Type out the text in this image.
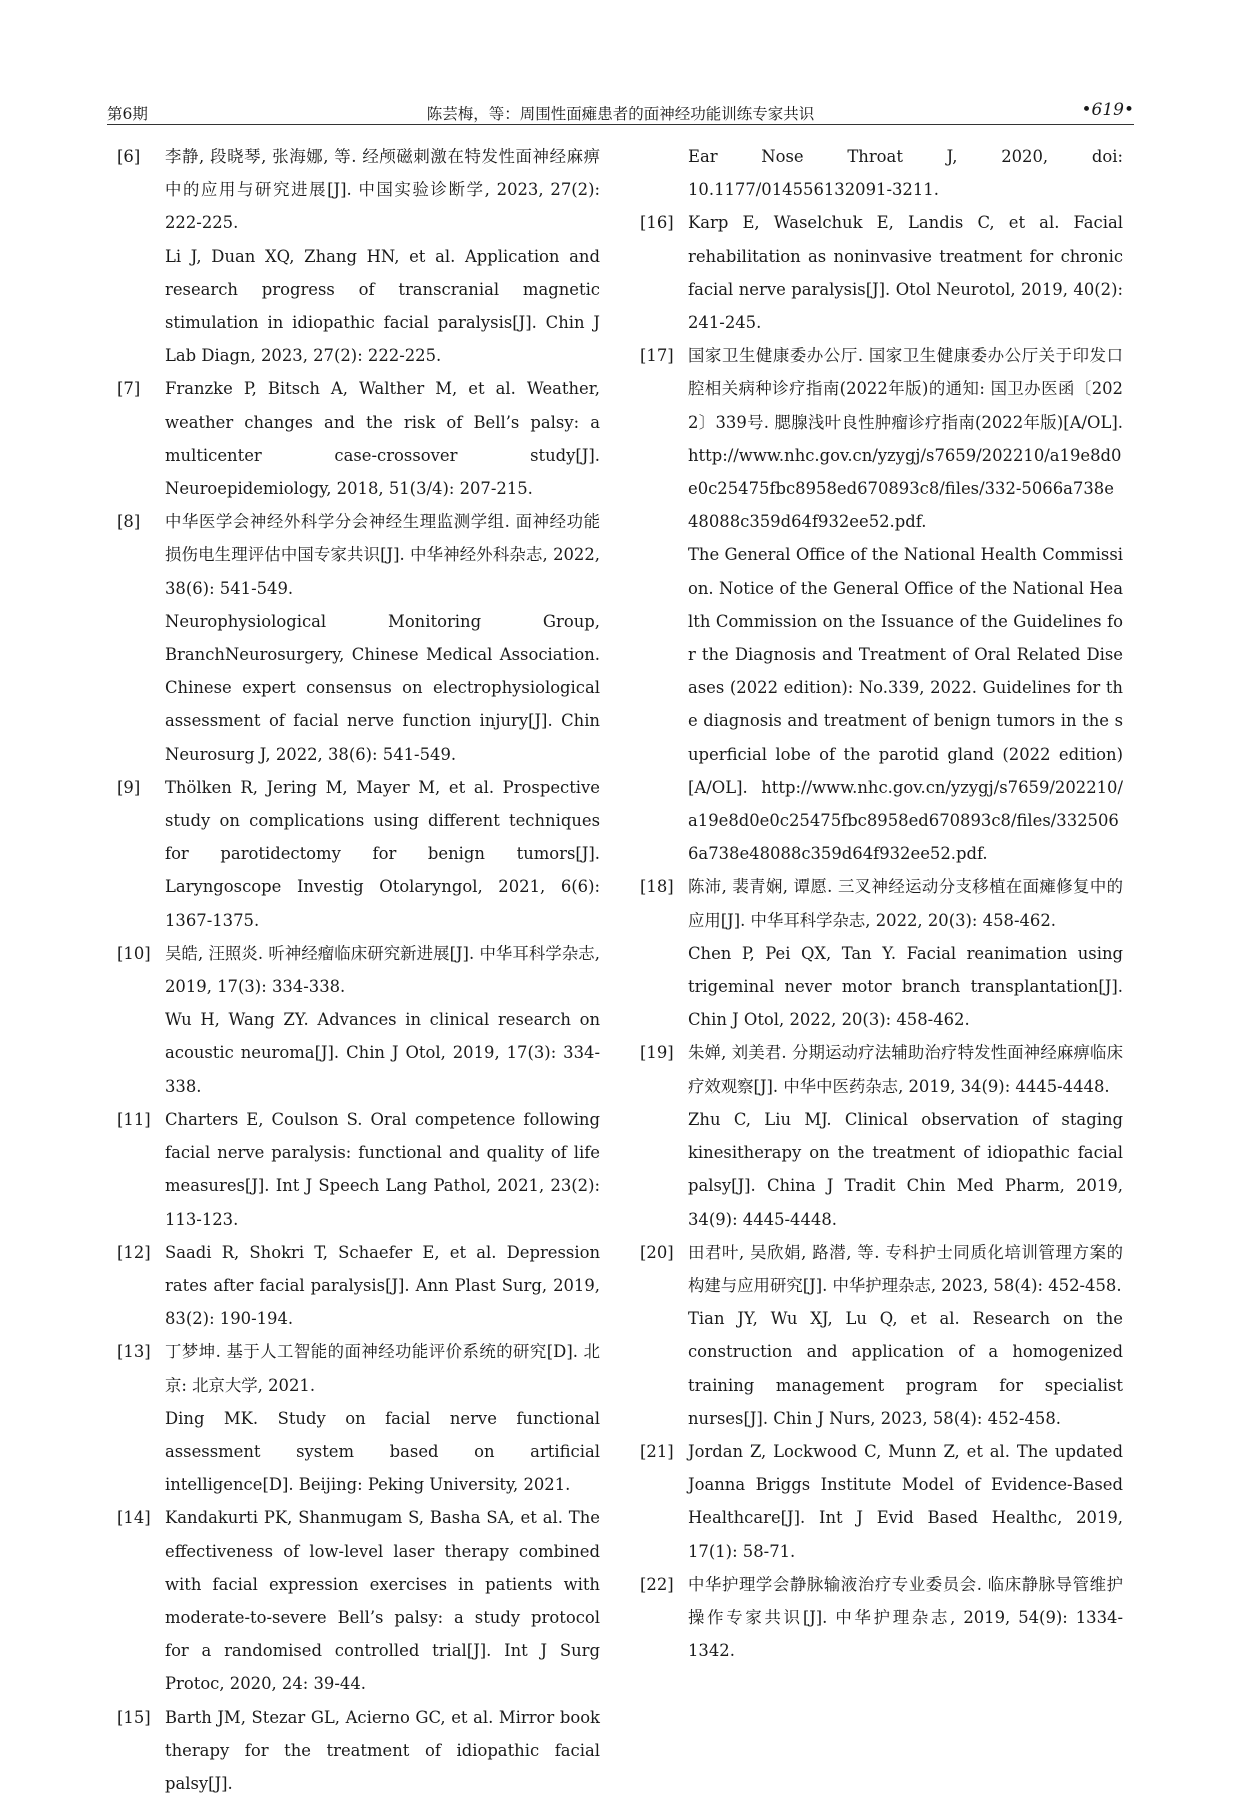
第6期	陈芸梅，等：周围性面瘫患者的面神经功能训练专家共识	•619•
[6]	李静, 段晓琴, 张海娜, 等. 经颅磁刺激在特发性面神经麻痹中的应用与研究进展[J]. 中国实验诊断学, 2023, 27(2): 222-225.
Li J, Duan XQ, Zhang HN, et al. Application and research progress of transcranial magnetic stimulation in idiopathic facial paralysis[J]. Chin J Lab Diagn, 2023, 27(2): 222-225.
[7]	Franzke P, Bitsch A, Walther M, et al. Weather, weather changes and the risk of Bell’s palsy: a multicenter case-crossover study[J]. Neuroepidemiology, 2018, 51(3/4): 207-215.
[8]	中华医学会神经外科学分会神经生理监测学组. 面神经功能损伤电生理评估中国专家共识[J]. 中华神经外科杂志, 2022, 38(6): 541-549.
Neurophysiological Monitoring Group, BranchNeurosurgery, Chinese Medical Association. Chinese expert consensus on electrophysiological assessment of facial nerve function injury[J]. Chin Neurosurg J, 2022, 38(6): 541-549.
[9]	Thölken R, Jering M, Mayer M, et al. Prospective study on complications using different techniques for parotidectomy for benign tumors[J]. Laryngoscope Investig Otolaryngol, 2021, 6(6): 1367-1375.
[10] 吴皓, 汪照炎. 听神经瘤临床研究新进展[J]. 中华耳科学杂志, 2019, 17(3): 334-338.
Wu H, Wang ZY. Advances in clinical research on acoustic neuroma[J]. Chin J Otol, 2019, 17(3): 334-338.
[11] Charters E, Coulson S. Oral competence following facial nerve paralysis: functional and quality of life measures[J]. Int J Speech Lang Pathol, 2021, 23(2): 113-123.
[12] Saadi R, Shokri T, Schaefer E, et al. Depression rates after facial paralysis[J]. Ann Plast Surg, 2019, 83(2): 190-194.
[13] 丁梦坤. 基于人工智能的面神经功能评价系统的研究[D]. 北京: 北京大学, 2021.
Ding MK. Study on facial nerve functional assessment system based on artificial intelligence[D]. Beijing: Peking University, 2021.
[14] Kandakurti PK, Shanmugam S, Basha SA, et al. The effectiveness of low-level laser therapy combined with facial expression exercises in patients with moderate-to-severe Bell’s palsy: a study protocol for a randomised controlled trial[J]. Int J Surg Protoc, 2020, 24: 39-44.
[15] Barth JM, Stezar GL, Acierno GC, et al. Mirror book therapy for the treatment of idiopathic facial palsy[J].
Ear Nose Throat J, 2020, doi: 10.1177/014556132091-3211.
[16] Karp E, Waselchuk E, Landis C, et al. Facial rehabilitation as noninvasive treatment for chronic facial nerve paralysis[J]. Otol Neurotol, 2019, 40(2): 241-245.
[17] 国家卫生健康委办公厅. 国家卫生健康委办公厅关于印发口腔相关病种诊疗指南(2022年版)的通知: 国卫办医函〔2022〕339号. 腮腺浅叶良性肿瘤诊疗指南(2022年版)[A/OL]. http://www.nhc.gov.cn/yzygj/s7659/202210/a19e8d0e0c25475fbc8958ed670893c8/files/332-5066a738e48088c359d64f932ee52.pdf.
The General Office of the National Health Commission. Notice of the General Office of the National Health Commission on the Issuance of the Guidelines for the Diagnosis and Treatment of Oral Related Diseases (2022 edition): No.339, 2022. Guidelines for the diagnosis and treatment of benign tumors in the superficial lobe of the parotid gland (2022 edition)[A/OL]. http://www.nhc.gov.cn/yzygj/s7659/202210/a19e8d0e0c25475fbc8958ed670893c8/files/3325066a738e48088c359d64f932ee52.pdf.
[18] 陈沛, 裴青娴, 谭愿. 三叉神经运动分支移植在面瘫修复中的应用[J]. 中华耳科学杂志, 2022, 20(3): 458-462.
Chen P, Pei QX, Tan Y. Facial reanimation using trigeminal never motor branch transplantation[J]. Chin J Otol, 2022, 20(3): 458-462.
[19] 朱婵, 刘美君. 分期运动疗法辅助治疗特发性面神经麻痹临床疗效观察[J]. 中华中医药杂志, 2019, 34(9): 4445-4448.
Zhu C, Liu MJ. Clinical observation of staging kinesitherapy on the treatment of idiopathic facial palsy[J]. China J Tradit Chin Med Pharm, 2019, 34(9): 4445-4448.
[20] 田君叶, 吴欣娟, 路潜, 等. 专科护士同质化培训管理方案的构建与应用研究[J]. 中华护理杂志, 2023, 58(4): 452-458.
Tian JY, Wu XJ, Lu Q, et al. Research on the construction and application of a homogenized training management program for specialist nurses[J]. Chin J Nurs, 2023, 58(4): 452-458.
[21] Jordan Z, Lockwood C, Munn Z, et al. The updated Joanna Briggs Institute Model of Evidence-Based Healthcare[J]. Int J Evid Based Healthc, 2019, 17(1): 58-71.
[22] 中华护理学会静脉输液治疗专业委员会. 临床静脉导管维护操作专家共识[J]. 中华护理杂志, 2019, 54(9): 1334-1342.
